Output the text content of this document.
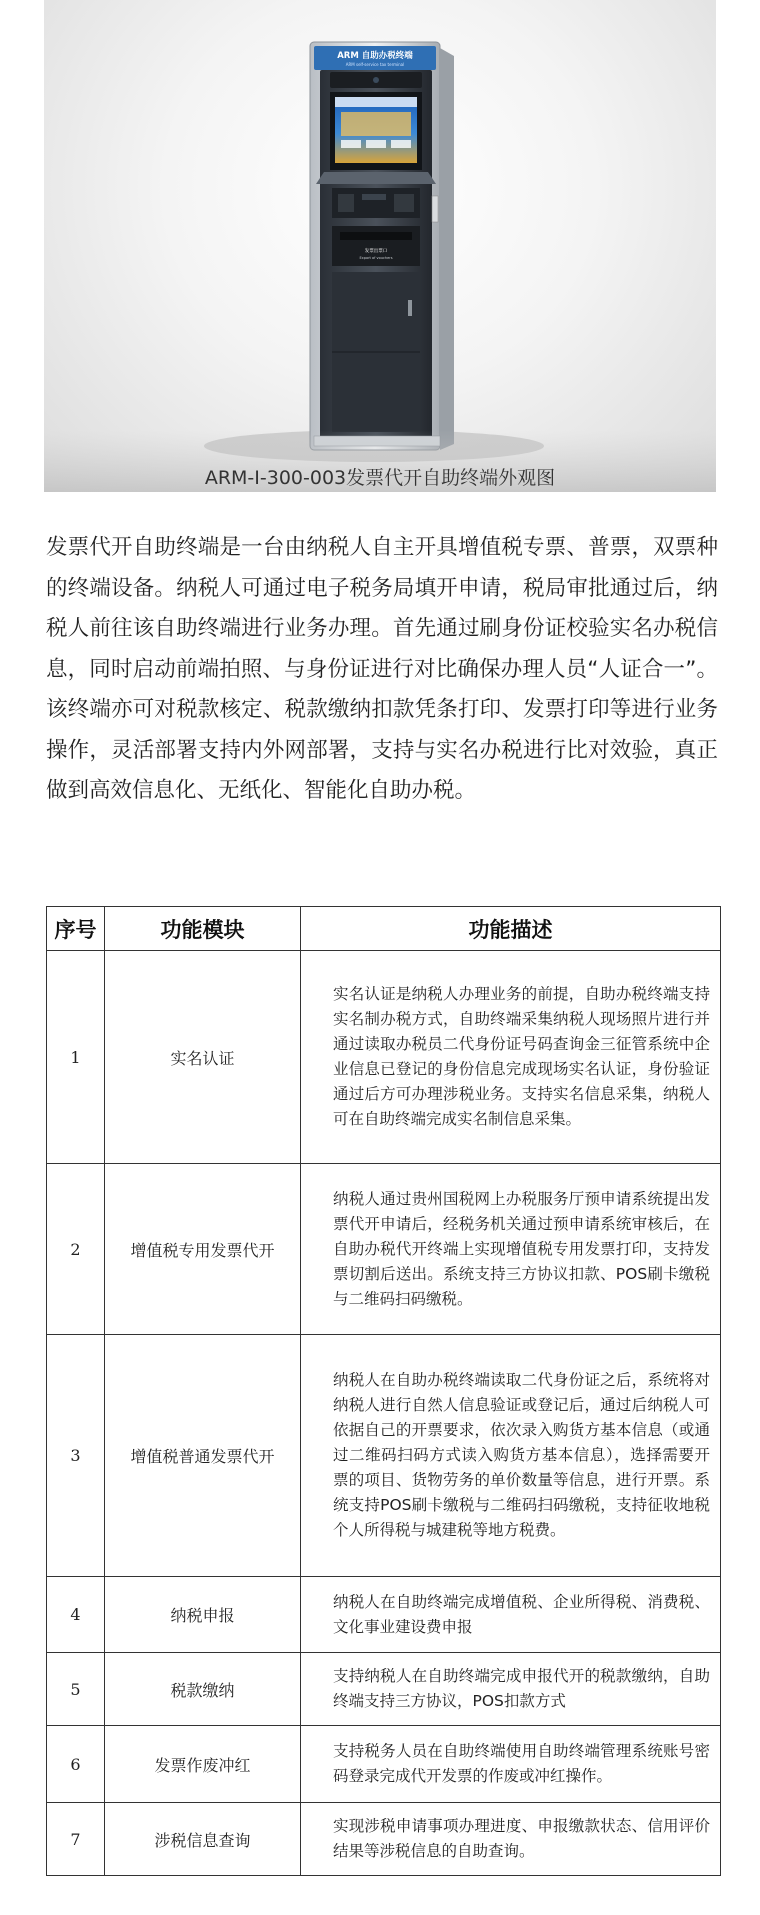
ARM 自助办税终端
ARM self-service tax terminal
发票出票口
Export of vouchers
ARM-I-300-003发票代开自助终端外观图

发票代开自助终端是一台由纳税人自主开具增值税专票、普票，双票种的终端设备。纳税人可通过电子税务局填开申请，税局审批通过后，纳税人前往该自助终端进行业务办理。首先通过刷身份证校验实名办税信息，同时启动前端拍照、与身份证进行对比确保办理人员“人证合一”。该终端亦可对税款核定、税款缴纳扣款凭条打印、发票打印等进行业务操作，灵活部署支持内外网部署，支持与实名办税进行比对效验，真正做到高效信息化、无纸化、智能化自助办税。

序号	功能模块	功能描述
1	实名认证	实名认证是纳税人办理业务的前提，自助办税终端支持实名制办税方式，自助终端采集纳税人现场照片进行并通过读取办税员二代身份证号码查询金三征管系统中企业信息已登记的身份信息完成现场实名认证，身份验证通过后方可办理涉税业务。支持实名信息采集，纳税人可在自助终端完成实名制信息采集。
2	增值税专用发票代开	纳税人通过贵州国税网上办税服务厅预申请系统提出发票代开申请后，经税务机关通过预申请系统审核后，在自助办税代开终端上实现增值税专用发票打印，支持发票切割后送出。系统支持三方协议扣款、POS刷卡缴税与二维码扫码缴税。
3	增值税普通发票代开	纳税人在自助办税终端读取二代身份证之后，系统将对纳税人进行自然人信息验证或登记后，通过后纳税人可依据自己的开票要求，依次录入购货方基本信息（或通过二维码扫码方式读入购货方基本信息），选择需要开票的项目、货物劳务的单价数量等信息，进行开票。系统支持POS刷卡缴税与二维码扫码缴税，支持征收地税个人所得税与城建税等地方税费。
4	纳税申报	纳税人在自助终端完成增值税、企业所得税、消费税、文化事业建设费申报
5	税款缴纳	支持纳税人在自助终端完成申报代开的税款缴纳，自助终端支持三方协议，POS扣款方式
6	发票作废冲红	支持税务人员在自助终端使用自助终端管理系统账号密码登录完成代开发票的作废或冲红操作。
7	涉税信息查询	实现涉税申请事项办理进度、申报缴款状态、信用评价结果等涉税信息的自助查询。
